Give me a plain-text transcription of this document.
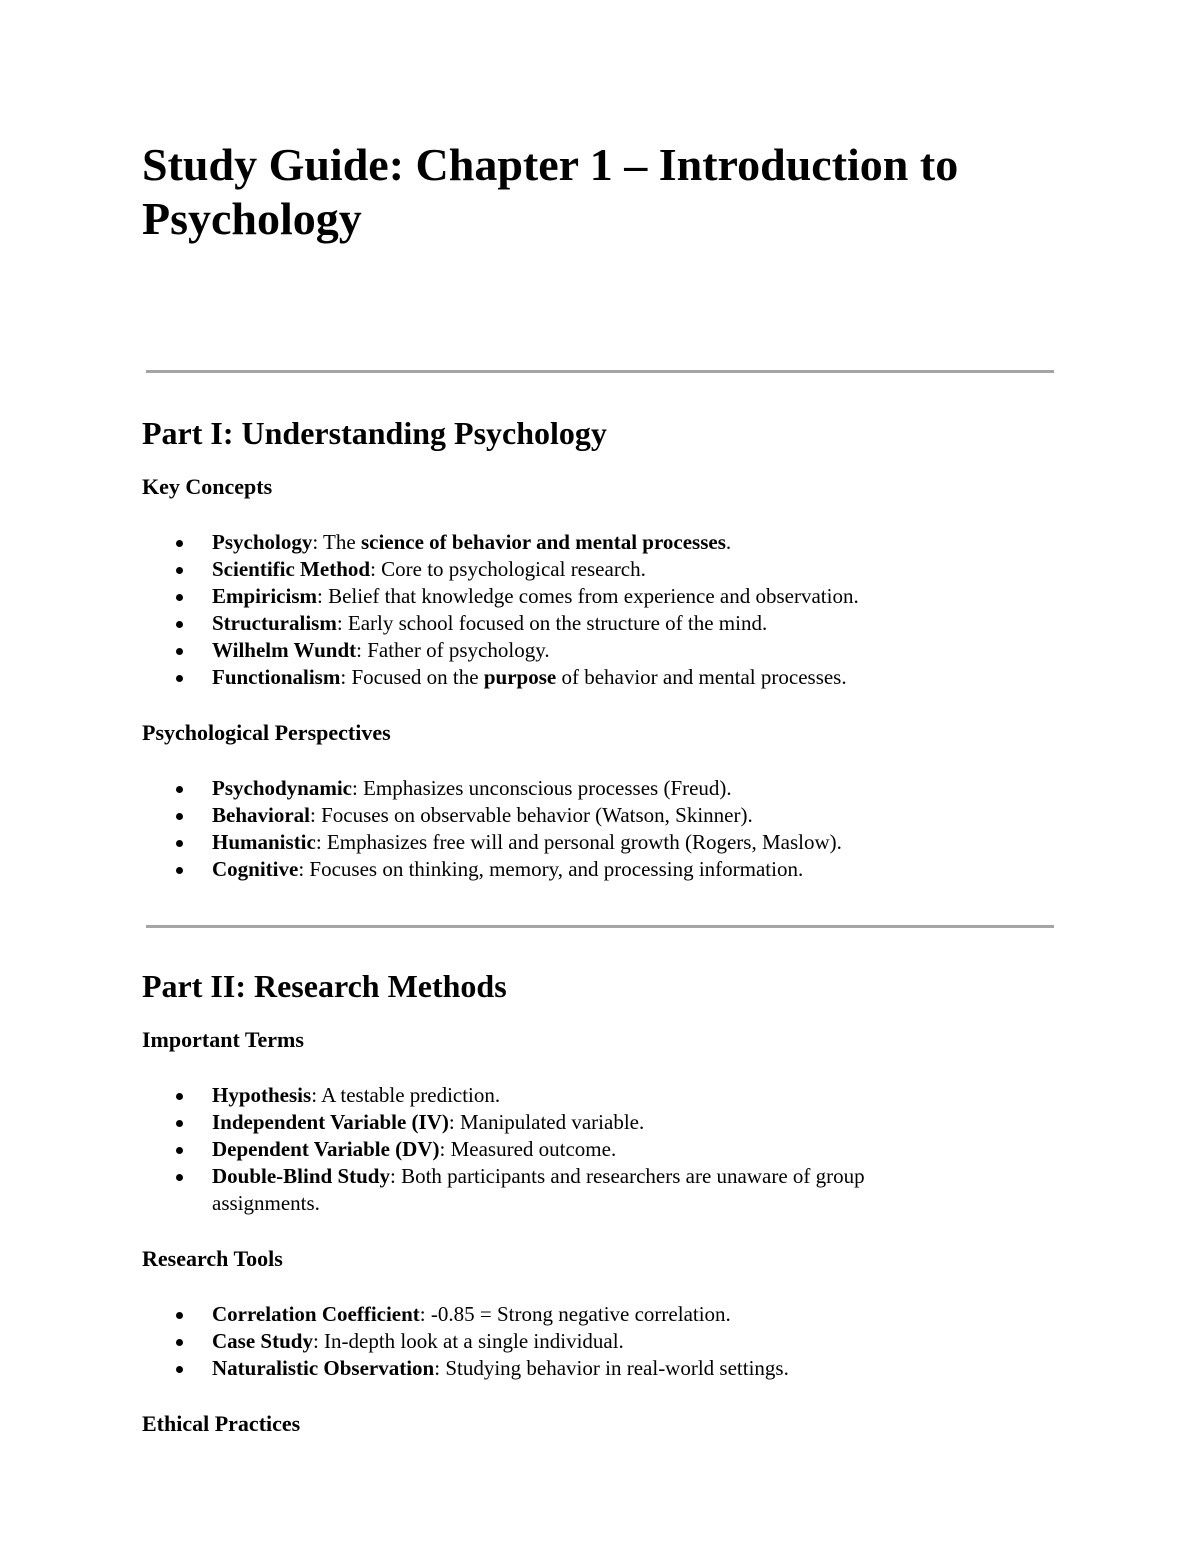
Study Guide: Chapter 1 – Introduction to Psychology
Part I: Understanding Psychology
Key Concepts
Psychology: The science of behavior and mental processes.
Scientific Method: Core to psychological research.
Empiricism: Belief that knowledge comes from experience and observation.
Structuralism: Early school focused on the structure of the mind.
Wilhelm Wundt: Father of psychology.
Functionalism: Focused on the purpose of behavior and mental processes.
Psychological Perspectives
Psychodynamic: Emphasizes unconscious processes (Freud).
Behavioral: Focuses on observable behavior (Watson, Skinner).
Humanistic: Emphasizes free will and personal growth (Rogers, Maslow).
Cognitive: Focuses on thinking, memory, and processing information.
Part II: Research Methods
Important Terms
Hypothesis: A testable prediction.
Independent Variable (IV): Manipulated variable.
Dependent Variable (DV): Measured outcome.
Double-Blind Study: Both participants and researchers are unaware of group assignments.
Research Tools
Correlation Coefficient: -0.85 = Strong negative correlation.
Case Study: In-depth look at a single individual.
Naturalistic Observation: Studying behavior in real-world settings.
Ethical Practices
